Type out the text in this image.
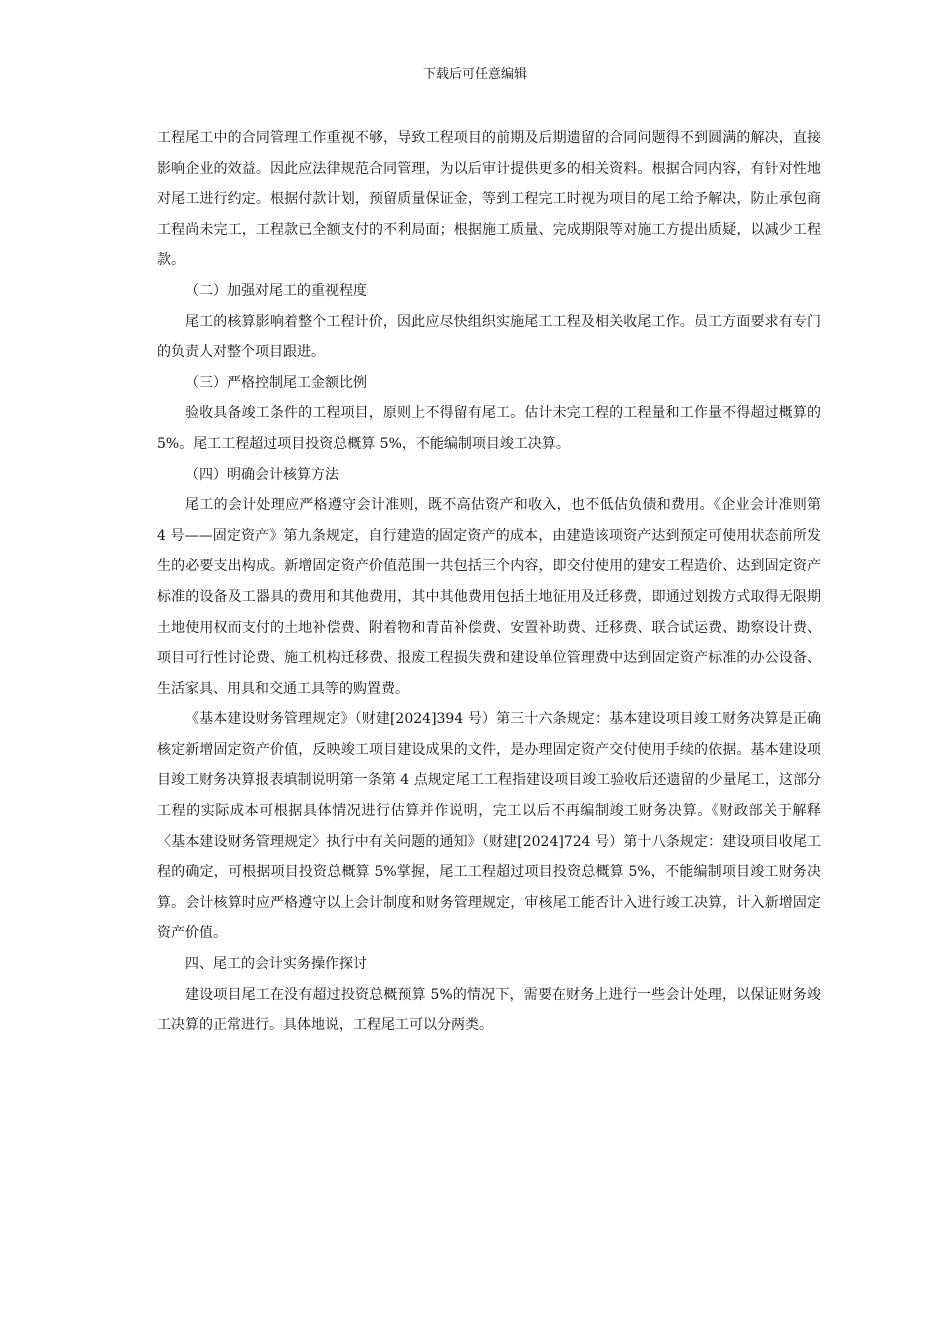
下载后可任意编辑

工程尾工中的合同管理工作重视不够，导致工程项目的前期及后期遗留的合同问题得不到圆满的解决，直接影响企业的效益。因此应法律规范合同管理，为以后审计提供更多的相关资料。根据合同内容，有针对性地对尾工进行约定。根据付款计划，预留质量保证金，等到工程完工时视为项目的尾工给予解决，防止承包商工程尚未完工，工程款已全额支付的不利局面；根据施工质量、完成期限等对施工方提出质疑，以减少工程款。

（二）加强对尾工的重视程度

尾工的核算影响着整个工程计价，因此应尽快组织实施尾工工程及相关收尾工作。员工方面要求有专门的负责人对整个项目跟进。

（三）严格控制尾工金额比例

验收具备竣工条件的工程项目，原则上不得留有尾工。估计未完工程的工程量和工作量不得超过概算的 5%。尾工工程超过项目投资总概算 5%，不能编制项目竣工决算。

（四）明确会计核算方法

尾工的会计处理应严格遵守会计准则，既不高估资产和收入，也不低估负债和费用。《企业会计准则第 4 号——固定资产》第九条规定，自行建造的固定资产的成本，由建造该项资产达到预定可使用状态前所发生的必要支出构成。新增固定资产价值范围一共包括三个内容，即交付使用的建安工程造价、达到固定资产标准的设备及工器具的费用和其他费用，其中其他费用包括土地征用及迁移费，即通过划拨方式取得无限期土地使用权而支付的土地补偿费、附着物和青苗补偿费、安置补助费、迁移费、联合试运费、勘察设计费、项目可行性讨论费、施工机构迁移费、报废工程损失费和建设单位管理费中达到固定资产标准的办公设备、生活家具、用具和交通工具等的购置费。

《基本建设财务管理规定》（财建[2024]394 号）第三十六条规定：基本建设项目竣工财务决算是正确核定新增固定资产价值，反映竣工项目建设成果的文件，是办理固定资产交付使用手续的依据。基本建设项目竣工财务决算报表填制说明第一条第 4 点规定尾工工程指建设项目竣工验收后还遗留的少量尾工，这部分工程的实际成本可根据具体情况进行估算并作说明，完工以后不再编制竣工财务决算。《财政部关于解释〈基本建设财务管理规定〉执行中有关问题的通知》（财建[2024]724 号）第十八条规定：建设项目收尾工程的确定，可根据项目投资总概算 5%掌握，尾工工程超过项目投资总概算 5%，不能编制项目竣工财务决算。会计核算时应严格遵守以上会计制度和财务管理规定，审核尾工能否计入进行竣工决算，计入新增固定资产价值。

四、尾工的会计实务操作探讨

建设项目尾工在没有超过投资总概预算 5%的情况下，需要在财务上进行一些会计处理，以保证财务竣工决算的正常进行。具体地说，工程尾工可以分两类。
